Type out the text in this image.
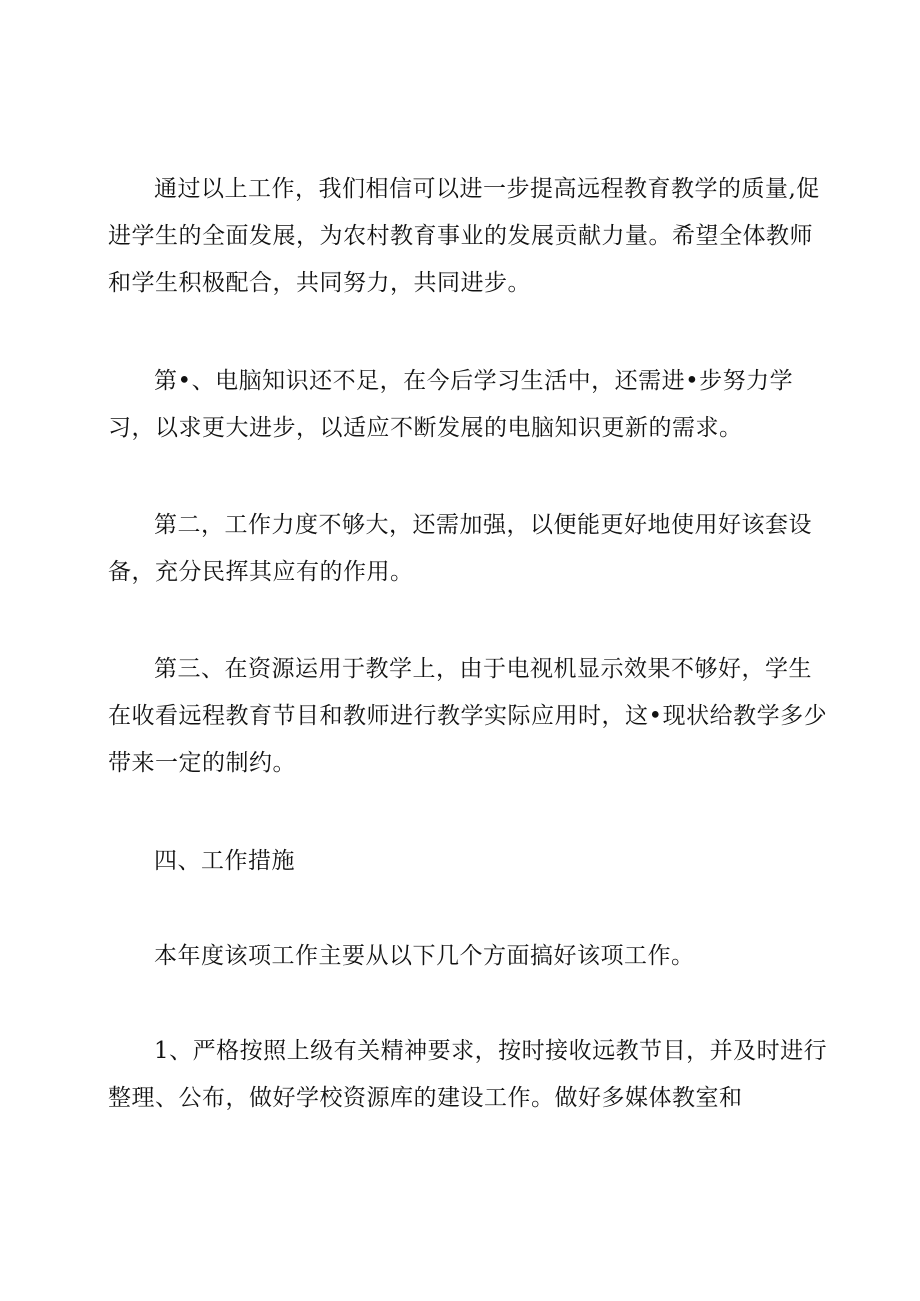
通过以上工作，我们相信可以进一步提高远程教育教学的质量,促
进学生的全面发展，为农村教育事业的发展贡献力量。希望全体教师
和学生积极配合，共同努力，共同进步。
第•、电脑知识还不足，在今后学习生活中，还需进•步努力学
习，以求更大进步，以适应不断发展的电脑知识更新的需求。
第二，工作力度不够大，还需加强，以便能更好地使用好该套设
备，充分民挥其应有的作用。
第三、在资源运用于教学上，由于电视机显示效果不够好，学生
在收看远程教育节目和教师进行教学实际应用时，这•现状给教学多少
带来一定的制约。
四、工作措施
本年度该项工作主要从以下几个方面搞好该项工作。
1、严格按照上级有关精神要求，按时接收远教节目，并及时进行
整理、公布，做好学校资源库的建设工作。做好多媒体教室和
